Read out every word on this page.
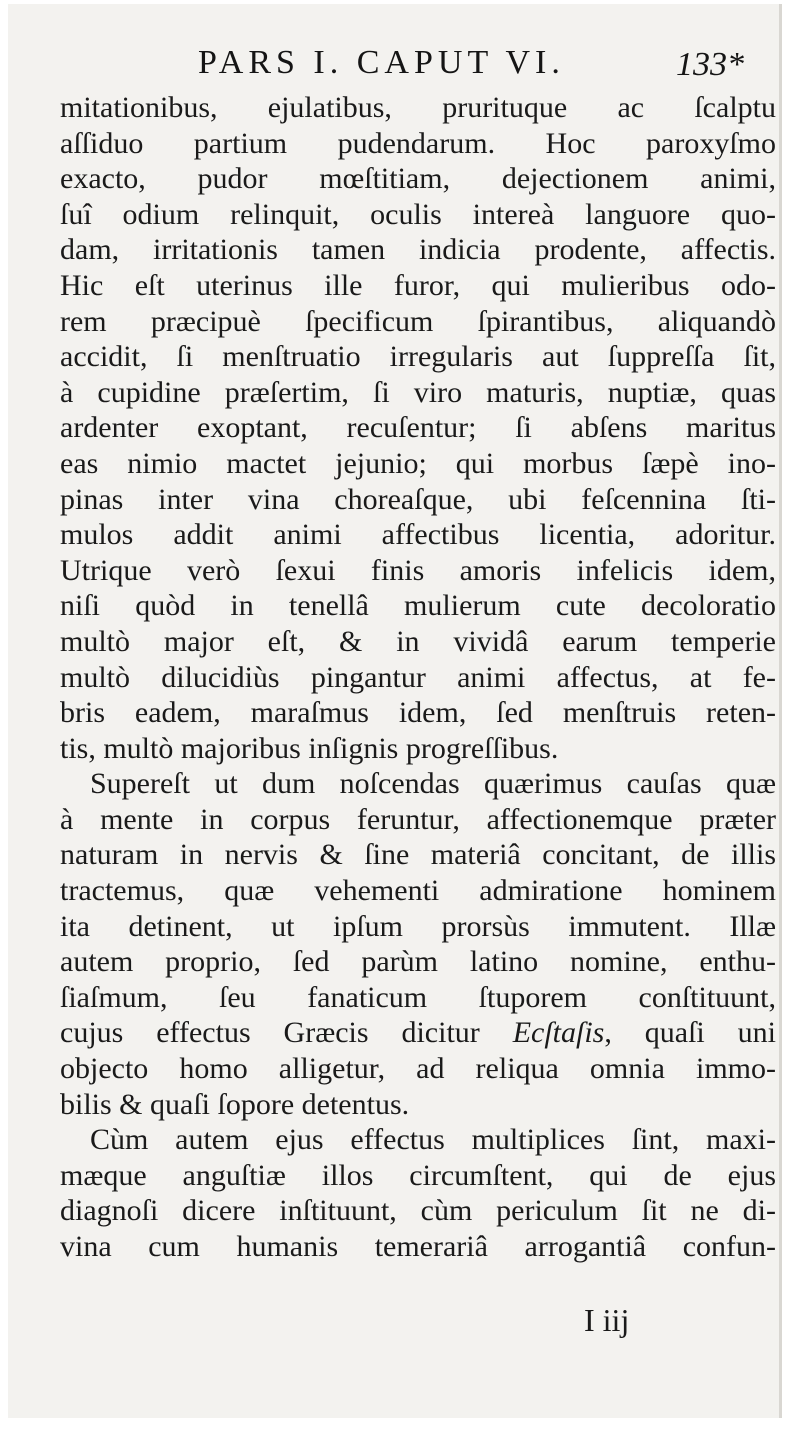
PARS I. CAPUT VI.	133*
mitationibus, ejulatibus, prurituque ac ſcalptu
aſſiduo partium pudendarum. Hoc paroxyſmo
exacto, pudor mœſtitiam, dejectionem animi,
ſuî odium relinquit, oculis intereà languore quo-
dam, irritationis tamen indicia prodente, affectis.
Hic eſt uterinus ille furor, qui mulieribus odo-
rem præcipuè ſpecificum ſpirantibus, aliquandò
accidit, ſi menſtruatio irregularis aut ſuppreſſa ſit,
à cupidine præſertim, ſi viro maturis, nuptiæ, quas
ardenter exoptant, recuſentur; ſi abſens maritus
eas nimio mactet jejunio; qui morbus ſæpè ino-
pinas inter vina choreaſque, ubi feſcennina ſti-
mulos addit animi affectibus licentia, adoritur.
Utrique verò ſexui finis amoris infelicis idem,
niſi quòd in tenellâ mulierum cute decoloratio
multò major eſt, & in vividâ earum temperie
multò dilucidiùs pingantur animi affectus, at fe-
bris eadem, maraſmus idem, ſed menſtruis reten-
tis, multò majoribus inſignis progreſſibus.
Supereſt ut dum noſcendas quærimus cauſas quæ
à mente in corpus feruntur, affectionemque præter
naturam in nervis & ſine materiâ concitant, de illis
tractemus, quæ vehementi admiratione hominem
ita detinent, ut ipſum prorsùs immutent. Illæ
autem proprio, ſed parùm latino nomine, enthu-
ſiaſmum, ſeu fanaticum ſtuporem conſtituunt,
cujus effectus Græcis dicitur Ecſtaſis, quaſi uni
objecto homo alligetur, ad reliqua omnia immo-
bilis & quaſi ſopore detentus.
Cùm autem ejus effectus multiplices ſint, maxi-
mæque anguſtiæ illos circumſtent, qui de ejus
diagnoſi dicere inſtituunt, cùm periculum ſit ne di-
vina cum humanis temerariâ arrogantiâ confun-
I iij
